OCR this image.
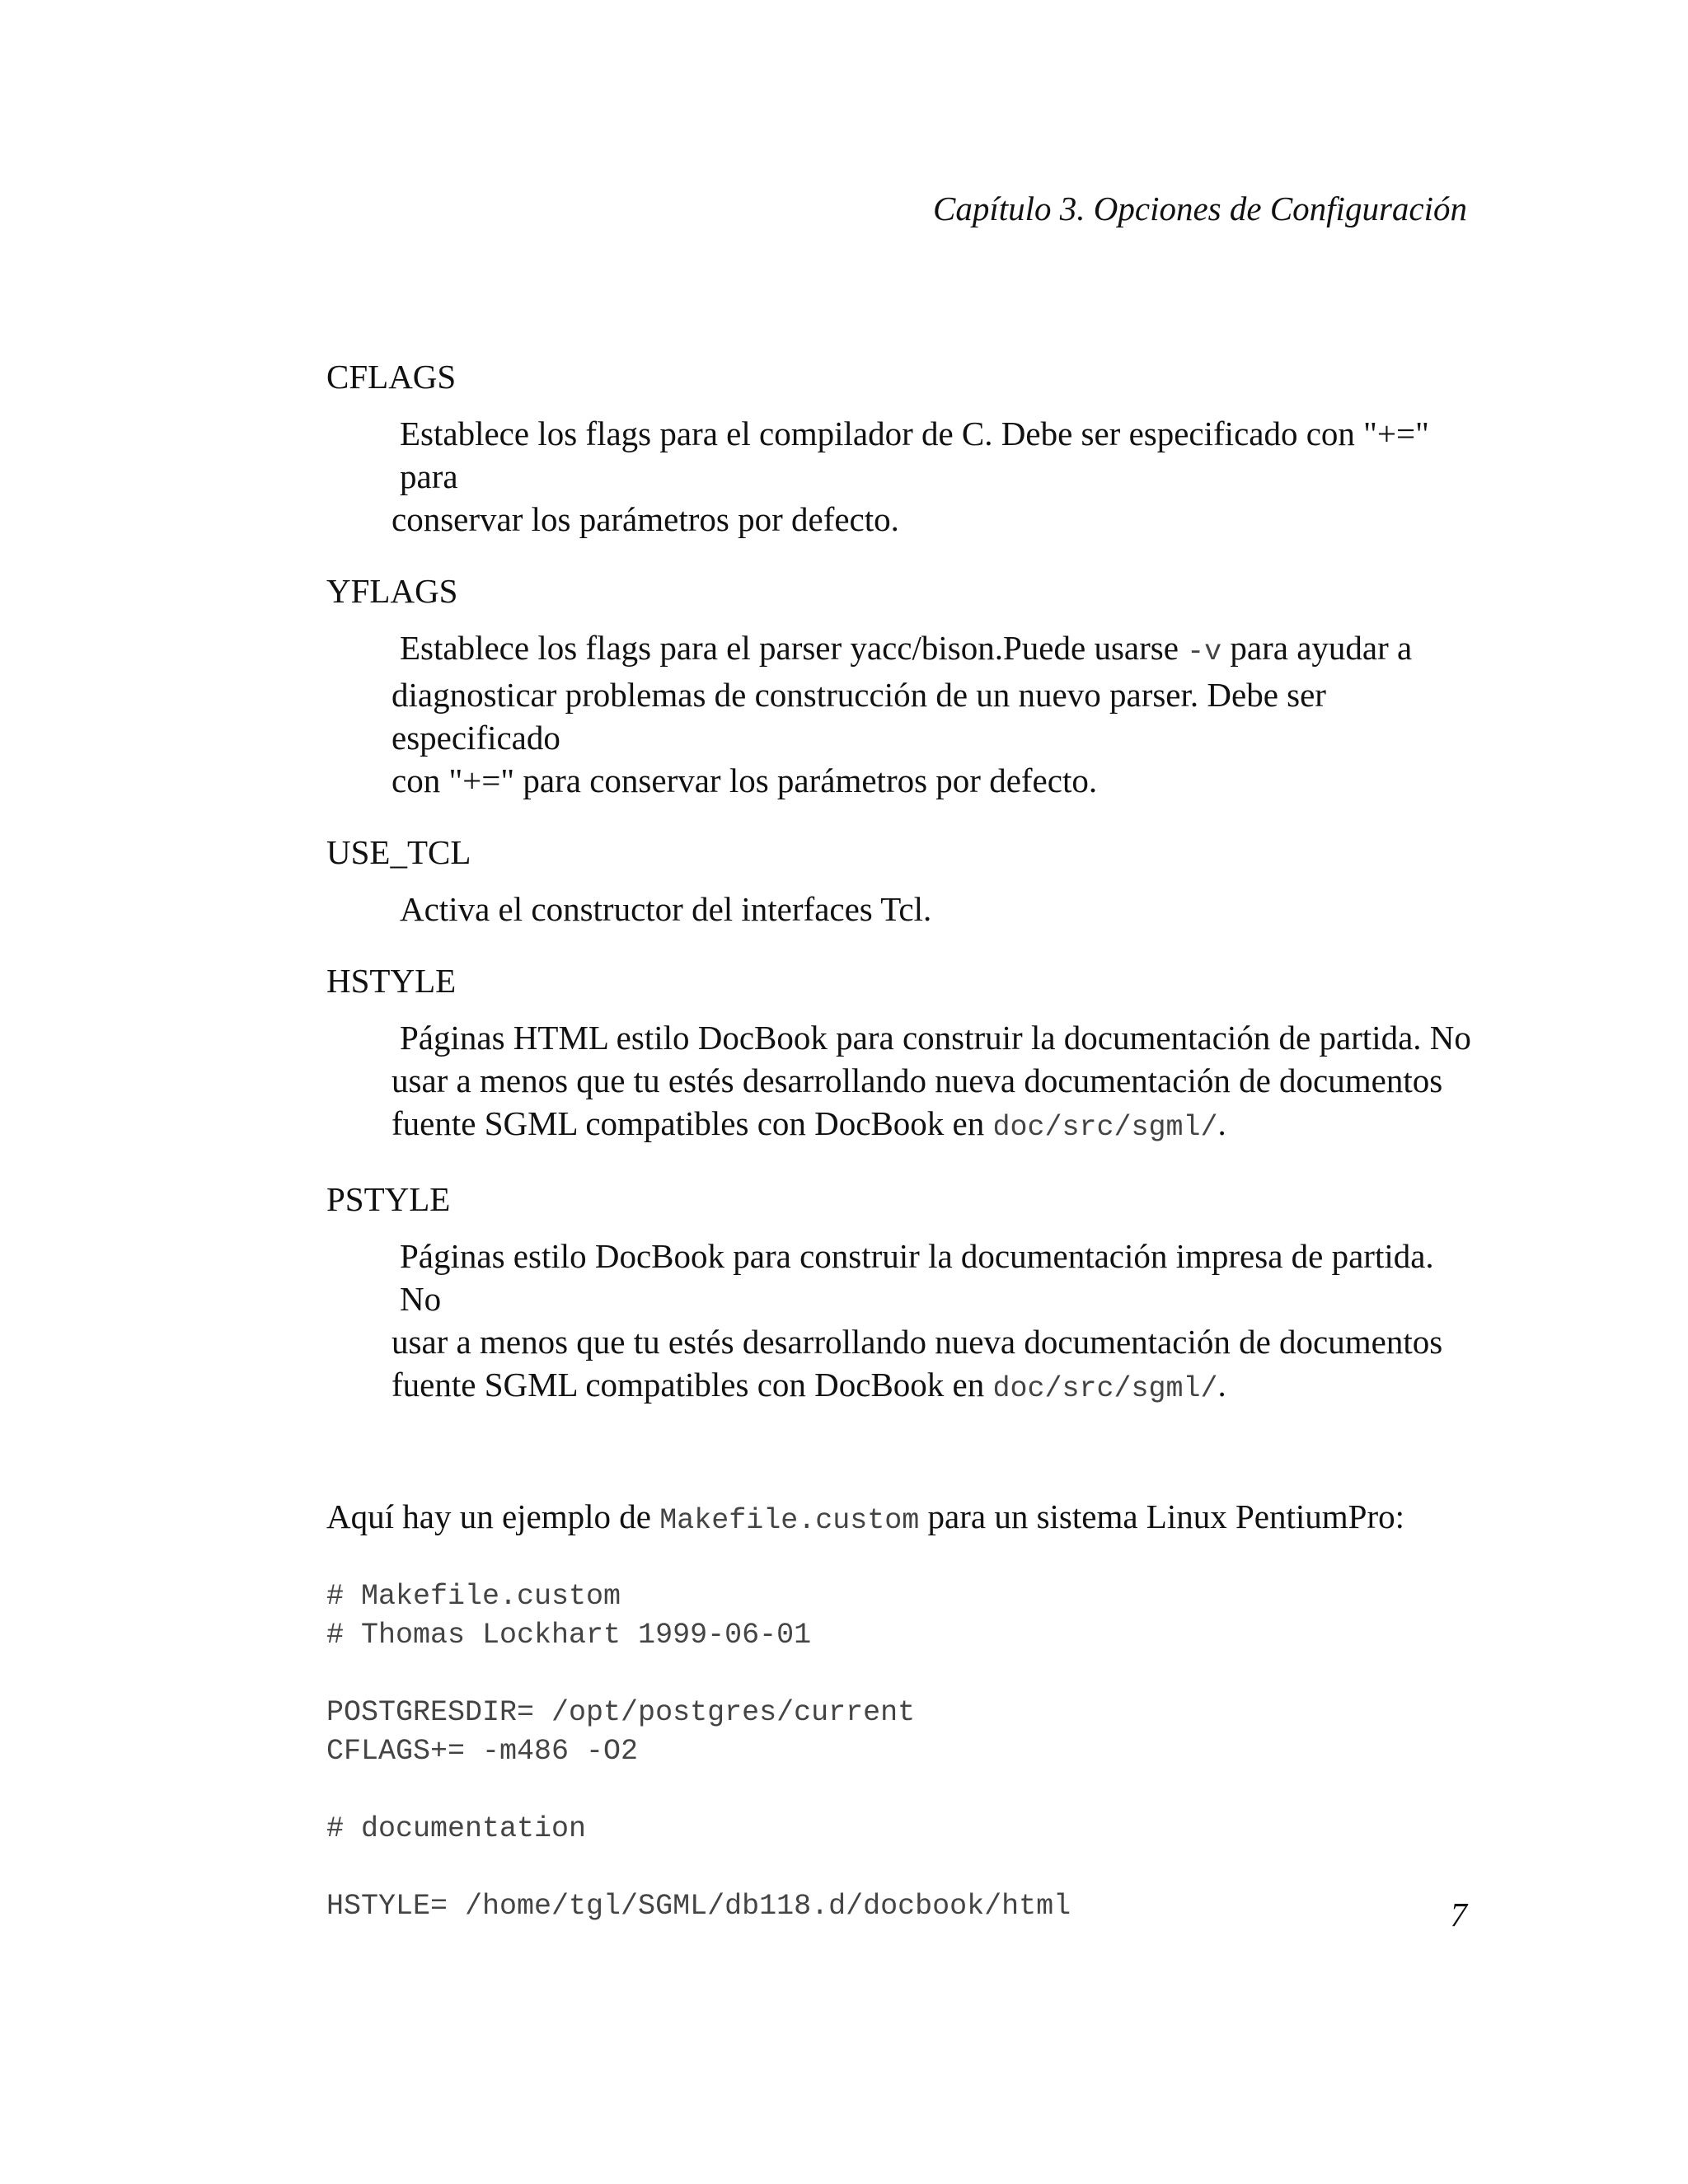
Capítulo 3. Opciones de Configuración

CFLAGS

Establece los flags para el compilador de C. Debe ser especificado con "+=" para
conservar los parámetros por defecto.

YFLAGS

Establece los flags para el parser yacc/bison.Puede usarse -v para ayudar a
diagnosticar problemas de construcción de un nuevo parser. Debe ser especificado
con "+=" para conservar los parámetros por defecto.

USE_TCL

Activa el constructor del interfaces Tcl.

HSTYLE

Páginas HTML estilo DocBook para construir la documentación de partida. No
usar a menos que tu estés desarrollando nueva documentación de documentos
fuente SGML compatibles con DocBook en doc/src/sgml/.

PSTYLE

Páginas estilo DocBook para construir la documentación impresa de partida. No
usar a menos que tu estés desarrollando nueva documentación de documentos
fuente SGML compatibles con DocBook en doc/src/sgml/.

Aquí hay un ejemplo de Makefile.custom para un sistema Linux PentiumPro:

# Makefile.custom
# Thomas Lockhart 1999-06-01
POSTGRESDIR= /opt/postgres/current
CFLAGS+= -m486 -O2
# documentation
HSTYLE= /home/tgl/SGML/db118.d/docbook/html	7
